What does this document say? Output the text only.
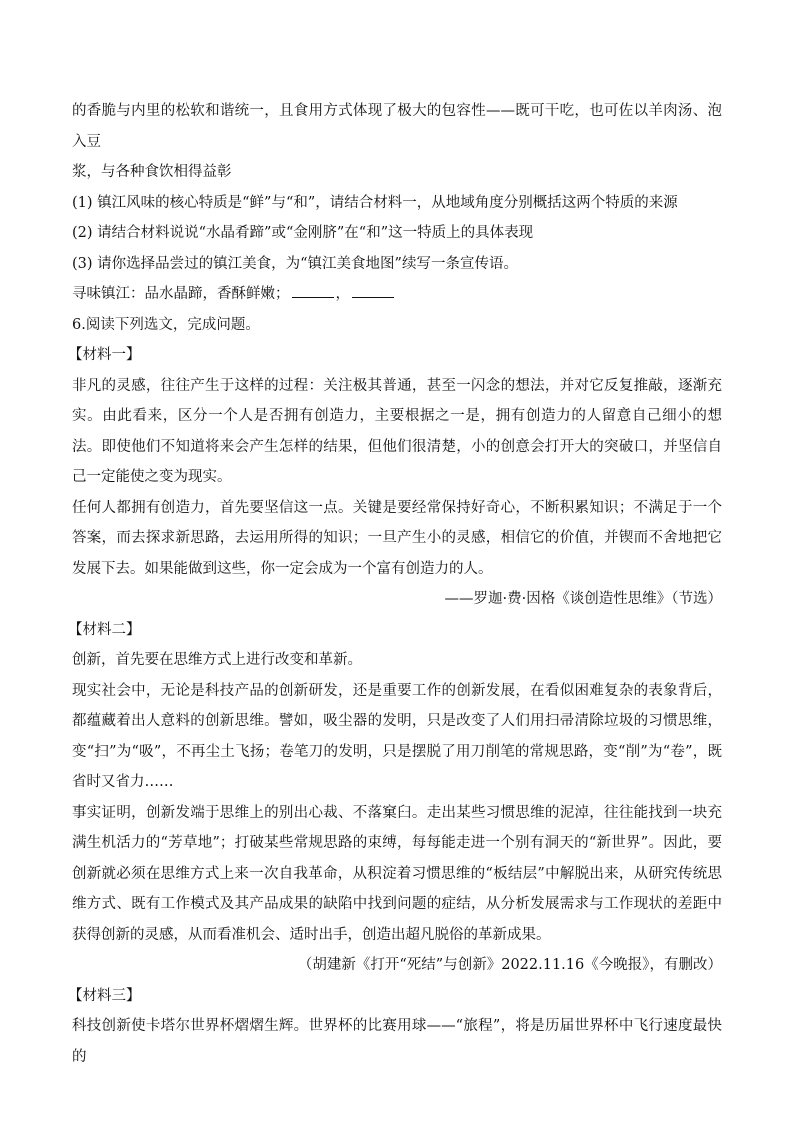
的香脆与内里的松软和谐统一，且食用方式体现了极大的包容性——既可干吃，也可佐以羊肉汤、泡入豆

浆，与各种食饮相得益彰

(1) 镇江风味的核心特质是“鲜”与“和”，请结合材料一，从地域角度分别概括这两个特质的来源

(2) 请结合材料说说“水晶肴蹄”或“金刚脐”在“和”这一特质上的具体表现

(3) 请你选择品尝过的镇江美食，为“镇江美食地图”续写一条宣传语。

寻味镇江：品水晶蹄，香酥鲜嫩；	，

6.阅读下列选文，完成问题。

【材料一】

非凡的灵感，往往产生于这样的过程：关注极其普通，甚至一闪念的想法，并对它反复推敲，逐渐充实。由此看来，区分一个人是否拥有创造力，主要根据之一是，拥有创造力的人留意自己细小的想法。即使他们不知道将来会产生怎样的结果，但他们很清楚，小的创意会打开大的突破口，并坚信自己一定能使之变为现实。

任何人都拥有创造力，首先要坚信这一点。关键是要经常保持好奇心，不断积累知识；不满足于一个答案，而去探求新思路，去运用所得的知识；一旦产生小的灵感，相信它的价值，并锲而不舍地把它发展下去。如果能做到这些，你一定会成为一个富有创造力的人。

——罗迦·费·因格《谈创造性思维》（节选）

【材料二】

创新，首先要在思维方式上进行改变和革新。

现实社会中，无论是科技产品的创新研发，还是重要工作的创新发展，在看似困难复杂的表象背后，都蕴藏着出人意料的创新思维。譬如，吸尘器的发明，只是改变了人们用扫帚清除垃圾的习惯思维，变“扫”为“吸”，不再尘土飞扬；卷笔刀的发明，只是摆脱了用刀削笔的常规思路，变“削”为“卷”，既省时又省力……

事实证明，创新发端于思维上的别出心裁、不落窠臼。走出某些习惯思维的泥淖，往往能找到一块充满生机活力的“芳草地”；打破某些常规思路的束缚，每每能走进一个别有洞天的“新世界”。因此，要创新就必须在思维方式上来一次自我革命，从积淀着习惯思维的“板结层”中解脱出来，从研究传统思维方式、既有工作模式及其产品成果的缺陷中找到问题的症结，从分析发展需求与工作现状的差距中获得创新的灵感，从而看准机会、适时出手，创造出超凡脱俗的革新成果。

（胡建新《打开“死结”与创新》2022.11.16《今晚报》，有删改）

【材料三】

科技创新使卡塔尔世界杯熠熠生辉。世界杯的比赛用球——“旅程”，将是历届世界杯中飞行速度最快的
